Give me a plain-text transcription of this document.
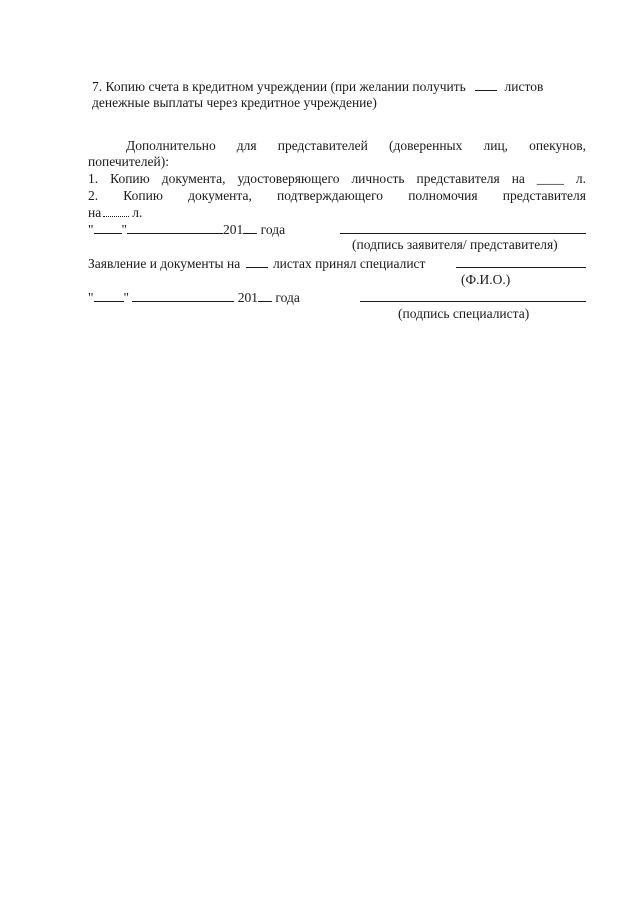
7. Копию счета в кредитном учреждении (при желании получить	листов
денежные выплаты через кредитное учреждение)
Дополнительно для представителей (доверенных лиц, опекунов,
попечителей):
1. Копию документа, удостоверяющего личность представителя на ____ л.
2. Копию документа, подтверждающего полномочия представителя
на л.
" "	201 года
(подпись заявителя/ представителя)
Заявление и документы на листах принял специалист
(Ф.И.О.)
" "	201 года
(подпись специалиста)
